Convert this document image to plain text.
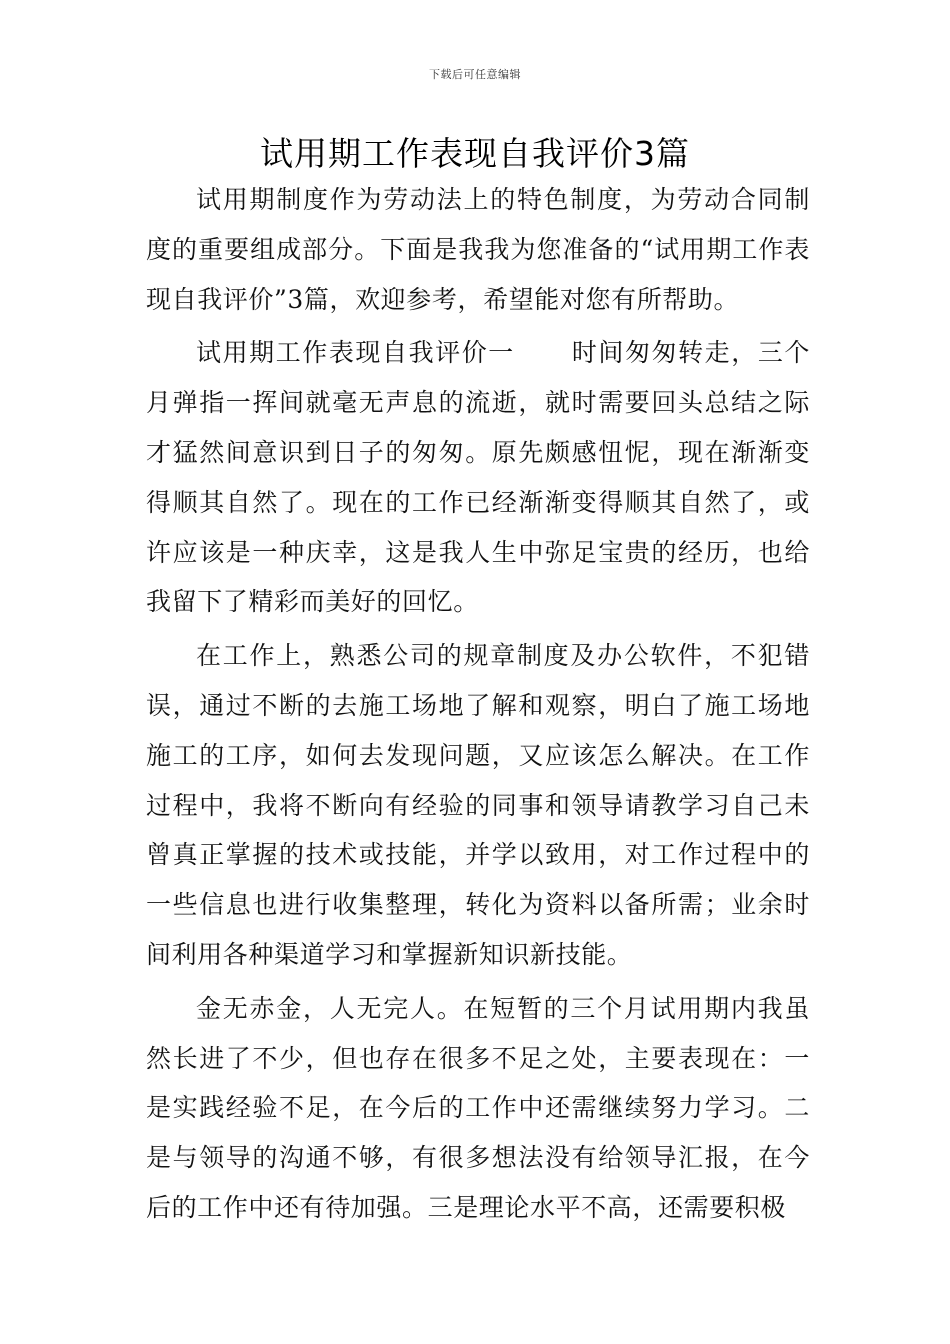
下载后可任意编辑
试用期工作表现自我评价3篇

试用期制度作为劳动法上的特色制度，为劳动合同制度的重要组成部分。下面是我我为您准备的“试用期工作表现自我评价”3篇，欢迎参考，希望能对您有所帮助。

试用期工作表现自我评价一 时间匆匆转走，三个月弹指一挥间就毫无声息的流逝，就时需要回头总结之际才猛然间意识到日子的匆匆。原先颇感忸怩，现在渐渐变得顺其自然了。现在的工作已经渐渐变得顺其自然了，或许应该是一种庆幸，这是我人生中弥足宝贵的经历，也给我留下了精彩而美好的回忆。

在工作上，熟悉公司的规章制度及办公软件，不犯错误，通过不断的去施工场地了解和观察，明白了施工场地施工的工序，如何去发现问题，又应该怎么解决。在工作过程中，我将不断向有经验的同事和领导请教学习自己未曾真正掌握的技术或技能，并学以致用，对工作过程中的一些信息也进行收集整理，转化为资料以备所需；业余时间利用各种渠道学习和掌握新知识新技能。

金无赤金，人无完人。在短暂的三个月试用期内我虽然长进了不少，但也存在很多不足之处，主要表现在：一是实践经验不足，在今后的工作中还需继续努力学习。二是与领导的沟通不够，有很多想法没有给领导汇报，在今后的工作中还有待加强。三是理论水平不高，还需要积极
